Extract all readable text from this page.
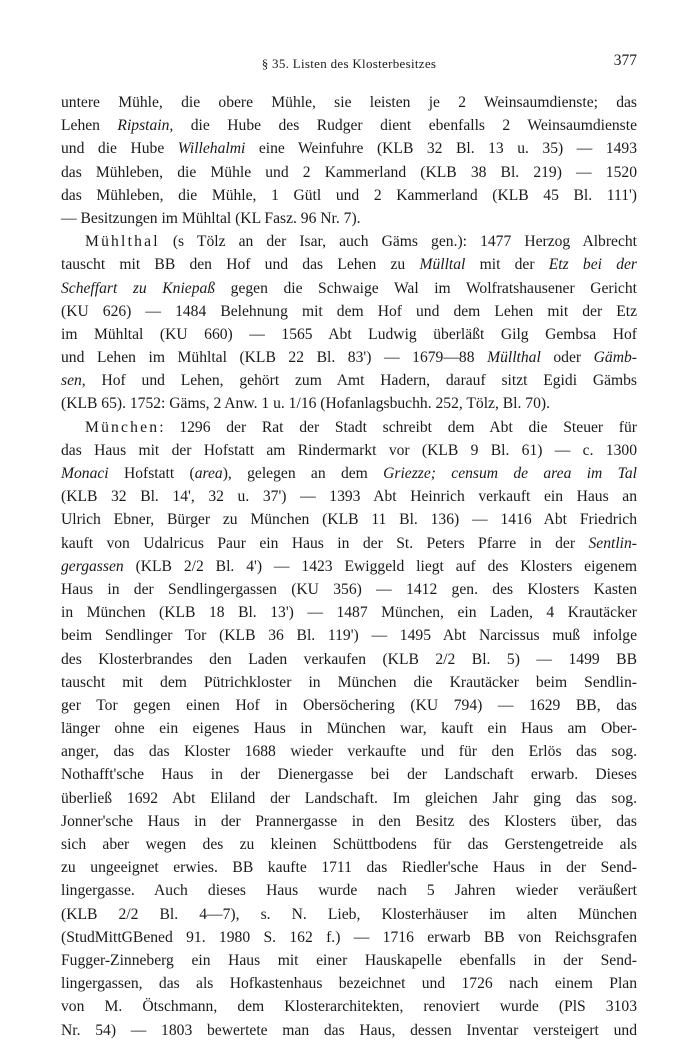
§ 35. Listen des Klosterbesitzes	377
untere Mühle, die obere Mühle, sie leisten je 2 Weinsaumdienste; das
Lehen Ripstain, die Hube des Rudger dient ebenfalls 2 Weinsaumdienste
und die Hube Willehalmi eine Weinfuhre (KLB 32 Bl. 13 u. 35) — 1493
das Mühleben, die Mühle und 2 Kammerland (KLB 38 Bl. 219) — 1520
das Mühleben, die Mühle, 1 Gütl und 2 Kammerland (KLB 45 Bl. 111')
— Besitzungen im Mühltal (KL Fasz. 96 Nr. 7).
Mühlthal (s Tölz an der Isar, auch Gäms gen.): 1477 Herzog Albrecht
tauscht mit BB den Hof und das Lehen zu Mülltal mit der Etz bei der
Scheffart zu Kniepaß gegen die Schwaige Wal im Wolfratshausener Gericht
(KU 626) — 1484 Belehnung mit dem Hof und dem Lehen mit der Etz
im Mühltal (KU 660) — 1565 Abt Ludwig überläßt Gilg Gembsa Hof
und Lehen im Mühltal (KLB 22 Bl. 83') — 1679—88 Müllthal oder Gämb-
sen, Hof und Lehen, gehört zum Amt Hadern, darauf sitzt Egidi Gämbs
(KLB 65). 1752: Gäms, 2 Anw. 1 u. 1/16 (Hofanlagsbuchh. 252, Tölz, Bl. 70).
München: 1296 der Rat der Stadt schreibt dem Abt die Steuer für
das Haus mit der Hofstatt am Rindermarkt vor (KLB 9 Bl. 61) — c. 1300
Monaci Hofstatt (area), gelegen an dem Griezze; censum de area im Tal
(KLB 32 Bl. 14', 32 u. 37') — 1393 Abt Heinrich verkauft ein Haus an
Ulrich Ebner, Bürger zu München (KLB 11 Bl. 136) — 1416 Abt Friedrich
kauft von Udalricus Paur ein Haus in der St. Peters Pfarre in der Sentlin-
gergassen (KLB 2/2 Bl. 4') — 1423 Ewiggeld liegt auf des Klosters eigenem
Haus in der Sendlingergassen (KU 356) — 1412 gen. des Klosters Kasten
in München (KLB 18 Bl. 13') — 1487 München, ein Laden, 4 Krautäcker
beim Sendlinger Tor (KLB 36 Bl. 119') — 1495 Abt Narcissus muß infolge
des Klosterbrandes den Laden verkaufen (KLB 2/2 Bl. 5) — 1499 BB
tauscht mit dem Pütrichkloster in München die Krautäcker beim Sendlin-
ger Tor gegen einen Hof in Obersöchering (KU 794) — 1629 BB, das
länger ohne ein eigenes Haus in München war, kauft ein Haus am Ober-
anger, das das Kloster 1688 wieder verkaufte und für den Erlös das sog.
Nothafft'sche Haus in der Dienergasse bei der Landschaft erwarb. Dieses
überließ 1692 Abt Eliland der Landschaft. Im gleichen Jahr ging das sog.
Jonner'sche Haus in der Prannergasse in den Besitz des Klosters über, das
sich aber wegen des zu kleinen Schüttbodens für das Gerstengetreide als
zu ungeeignet erwies. BB kaufte 1711 das Riedler'sche Haus in der Send-
lingergasse. Auch dieses Haus wurde nach 5 Jahren wieder veräußert
(KLB 2/2 Bl. 4—7), s. N. Lieb, Klosterhäuser im alten München
(StudMittGBened 91. 1980 S. 162 f.) — 1716 erwarb BB von Reichsgrafen
Fugger-Zinneberg ein Haus mit einer Hauskapelle ebenfalls in der Send-
lingergassen, das als Hofkastenhaus bezeichnet und 1726 nach einem Plan
von M. Ötschmann, dem Klosterarchitekten, renoviert wurde (PlS 3103
Nr. 54) — 1803 bewertete man das Haus, dessen Inventar versteigert und
